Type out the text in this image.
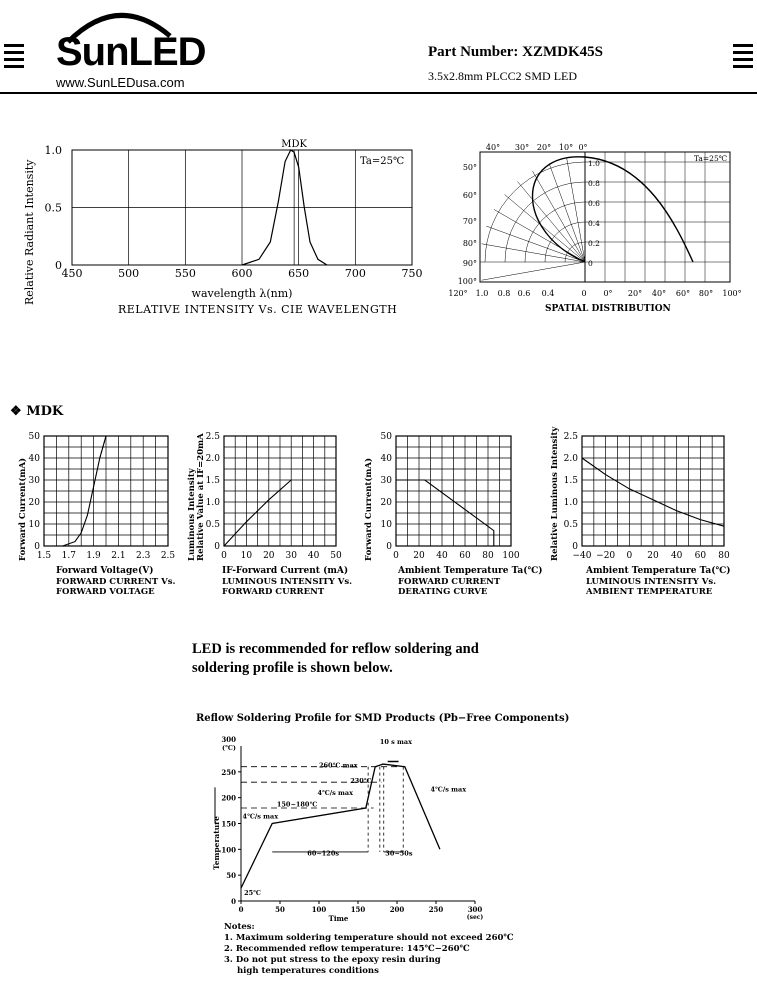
SunLED
www.SunLEDusa.com
Part Number: XZMDK45S
3.5x2.8mm PLCC2 SMD LED
450	500	550	600	650	700	750
0
0.5
1.0	MDK
Ta=25℃
Relative Radiant Intensity	wavelength λ(nm)
RELATIVE INTENSITY Vs. CIE WAVELENGTH
40° 30° 20° 10° 0°
50°
60°
70°
80°
90°
100°
1.0 0.8 0.6 0.4	0 0° 20° 40° 60° 80° 100°
120°
1.0
0.8
0.6
0.4
0.2
0
Ta=25℃
SPATIAL DISTRIBUTION
❖ MDK
1.5 1.7 1.9 2.1 2.3 2.5
0
10
20
30
40
50
Forward Current(mA)
Forward Voltage(V)
FORWARD CURRENT Vs.
FORWARD VOLTAGE
0 10 20 30 40 50
0
0.5
1.0
1.5
2.0
2.5
Luminous Intensity Relative Value at IF=20mA
IF-Forward Current (mA)
LUMINOUS INTENSITY Vs.
FORWARD CURRENT
0 20 40 60 80 100
0
10
20
30
40
50
Forward Current(mA)
Ambient Temperature Ta(℃)
FORWARD CURRENT
DERATING CURVE
−40 −20 0 20 40 60 80
0
0.5
1.0
1.5
2.0
2.5
Relative Luminous Intensity
Ambient Temperature Ta(℃)
LUMINOUS INTENSITY Vs.
AMBIENT TEMPERATURE
LED is recommended for reflow soldering and
soldering profile is shown below.
Reflow Soldering Profile for SMD Products (Pb−Free Components)
0
50
100
150
200
250
300
(℃)
0	50	100	150	200	250	300
(sec)
Time
Temperature
10 s max
260℃ max
230℃
4℃/s max	4℃/s max
150~180℃
4℃/s max
60~120s	30~50s
25℃
Notes:
1. Maximum soldering temperature should not exceed 260℃
2. Recommended reflow temperature: 145℃−260℃
3. Do not put stress to the epoxy resin during
high temperatures conditions
